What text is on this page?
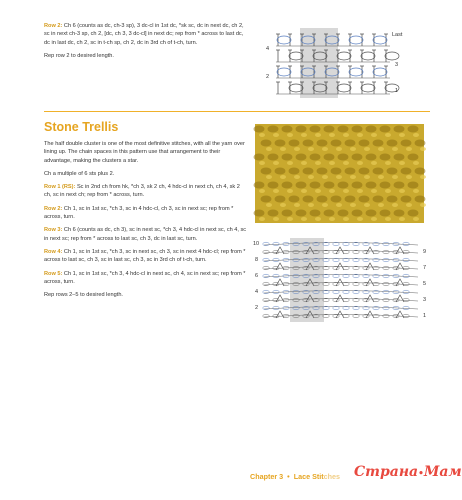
Row 2: Ch 6 (counts as dc, ch-3 sp), 3 dc-cl in 1st dc, *sk sc, dc in next dc, ch 2, sc in next ch-3 sp, ch 2, [dc, ch 3, 3 dc-cl] in next dc; rep from * across to last dc, dc in last dc, ch 2, sc in t-ch sp, ch 2, dc in 3rd ch of t-ch, turn.

Rep row 2 to desired length.

Last
3
1
4
2
Stone Trellis

The half double cluster is one of the most definitive stitches, with all the yarn over lining up. The chain spaces in this pattern use that arrangement to their advantage, making the clusters a star.

Ch a multiple of 6 sts plus 2.

Row 1 (RS): Sc in 2nd ch from hk, *ch 3, sk 2 ch, 4 hdc-cl in next ch, ch 4, sk 2 ch, sc in next ch; rep from * across, turn.

Row 2: Ch 1, sc in 1st sc, *ch 3, sc in 4 hdc-cl, ch 3, sc in next sc; rep from * across, turn.

Row 3: Ch 6 (counts as dc, ch 3), sc in next sc, *ch 3, 4 hdc-cl in next sc, ch 4, sc in next sc; rep from * across to last sc, ch 3, dc in last sc, turn.

Row 4: Ch 1, sc in 1st sc, *ch 3, sc in next sc, ch 3, sc in next 4 hdc-cl; rep from * across to last sc, ch 3, sc in last sc, ch 3, sc in 3rd ch of t-ch, turn.

Row 5: Ch 1, sc in 1st sc, *ch 3, 4 hdc-cl in next sc, ch 4, sc in next sc; rep from * across, turn.

Rep rows 2–5 to desired length.

10
8
6
4
2
9
7
5
3
1
Chapter 3 • Lace Stitches Страна•Мам
